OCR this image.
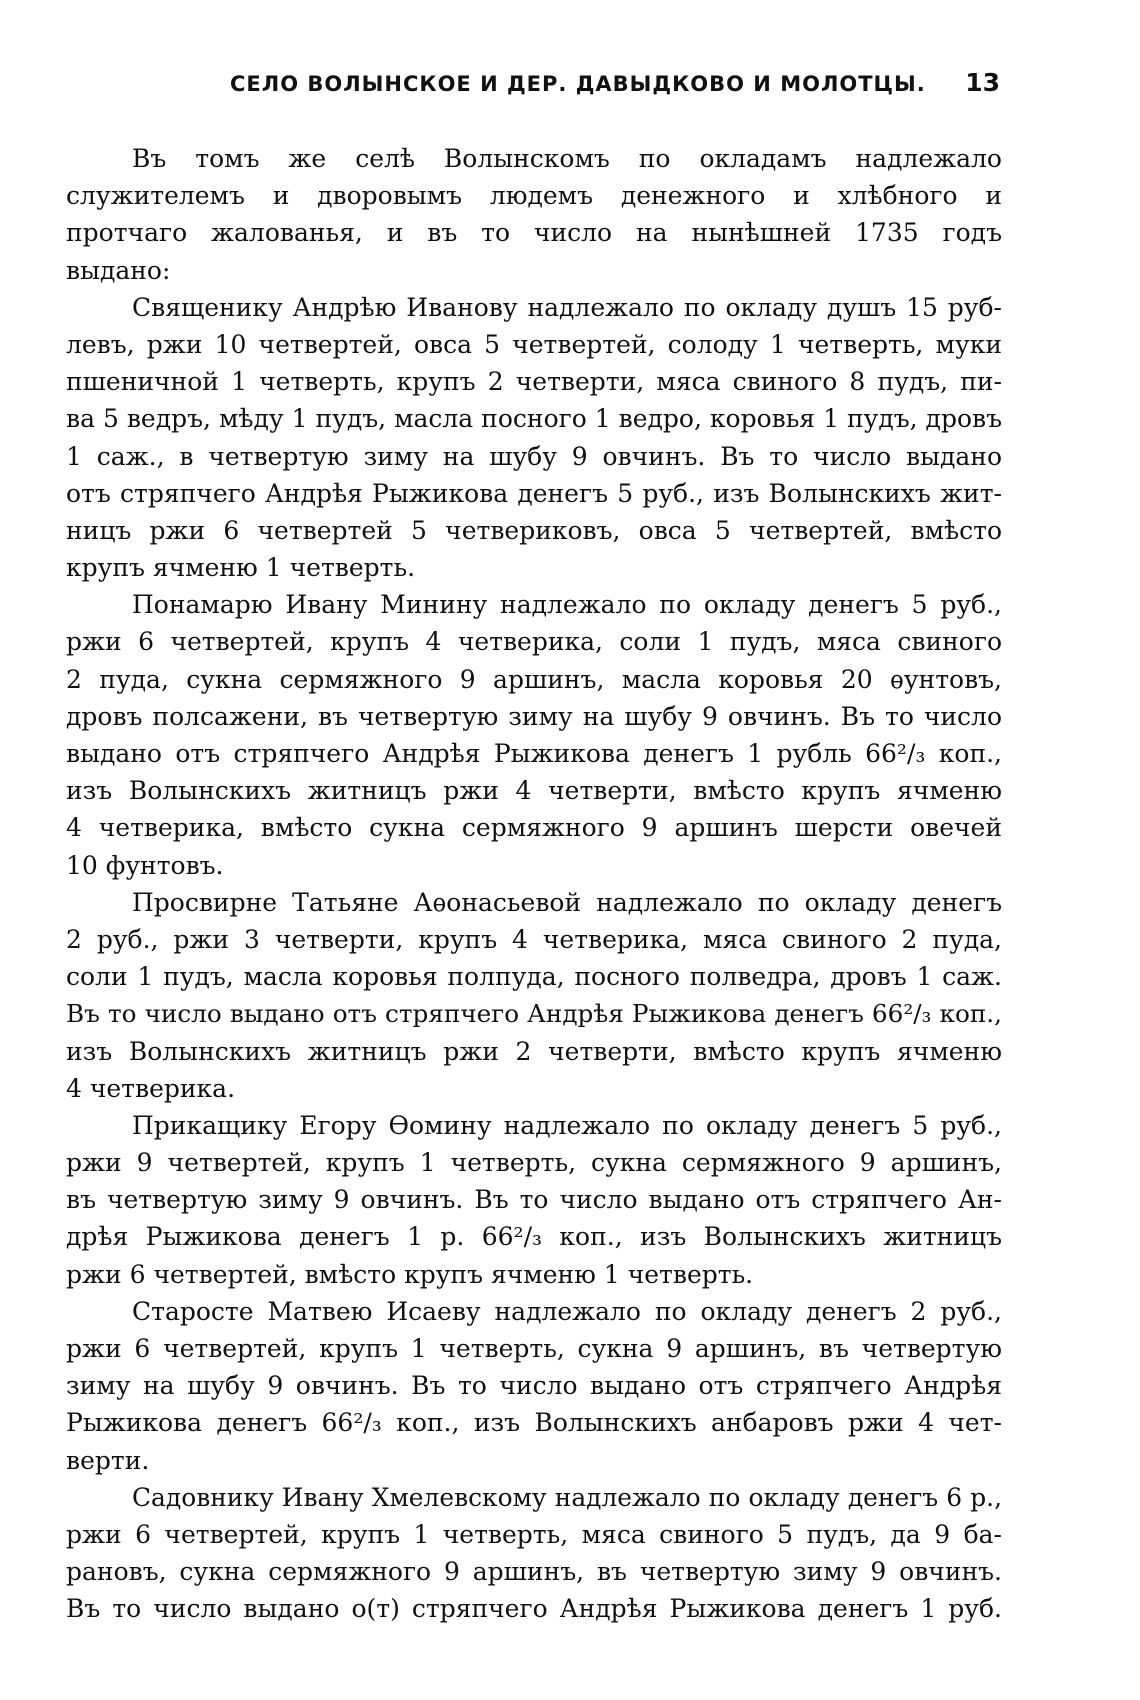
СЕЛО ВОЛЫНСКОЕ И ДЕР. ДАВЫДКОВО И МОЛОТЦЫ.	13
Въ томъ же селѣ Волынскомъ по окладамъ надлежало
служителемъ и дворовымъ людемъ денежного и хлѣбного и
протчаго жалованья, и въ то число на нынѣшней 1735 годъ
выдано:
Священику Андрѣю Иванову надлежало по окладу душъ 15 руб-
левъ, ржи 10 четвертей, овса 5 четвертей, солоду 1 четверть, муки
пшеничной 1 четверть, крупъ 2 четверти, мяса свиного 8 пудъ, пи-
ва 5 ведръ, мѣду 1 пудъ, масла посного 1 ведро, коровья 1 пудъ, дровъ
1 саж., в четвертую зиму на шубу 9 овчинъ. Въ то число выдано
отъ стряпчего Андрѣя Рыжикова денегъ 5 руб., изъ Волынскихъ жит-
ницъ ржи 6 четвертей 5 четвериковъ, овса 5 четвертей, вмѣсто
крупъ ячменю 1 четверть.
Понамарю Ивану Минину надлежало по окладу денегъ 5 руб.,
ржи 6 четвертей, крупъ 4 четверика, соли 1 пудъ, мяса свиного
2 пуда, сукна сермяжного 9 аршинъ, масла коровья 20 ѳунтовъ,
дровъ полсажени, въ четвертую зиму на шубу 9 овчинъ. Въ то число
выдано отъ стряпчего Андрѣя Рыжикова денегъ 1 рубль 66²/₃ коп.,
изъ Волынскихъ житницъ ржи 4 четверти, вмѣсто крупъ ячменю
4 четверика, вмѣсто сукна сермяжного 9 аршинъ шерсти овечей
10 фунтовъ.
Просвирне Татьяне Аѳонасьевой надлежало по окладу денегъ
2 руб., ржи 3 четверти, крупъ 4 четверика, мяса свиного 2 пуда,
соли 1 пудъ, масла коровья полпуда, посного полведра, дровъ 1 саж.
Въ то число выдано отъ стряпчего Андрѣя Рыжикова денегъ 66²/₃ коп.,
изъ Волынскихъ житницъ ржи 2 четверти, вмѣсто крупъ ячменю
4 четверика.
Прикащику Егору Ѳомину надлежало по окладу денегъ 5 руб.,
ржи 9 четвертей, крупъ 1 четверть, сукна сермяжного 9 аршинъ,
въ четвертую зиму 9 овчинъ. Въ то число выдано отъ стряпчего Ан-
дрѣя Рыжикова денегъ 1 р. 66²/₃ коп., изъ Волынскихъ житницъ
ржи 6 четвертей, вмѣсто крупъ ячменю 1 четверть.
Старосте Матвею Исаеву надлежало по окладу денегъ 2 руб.,
ржи 6 четвертей, крупъ 1 четверть, сукна 9 аршинъ, въ четвертую
зиму на шубу 9 овчинъ. Въ то число выдано отъ стряпчего Андрѣя
Рыжикова денегъ 66²/₃ коп., изъ Волынскихъ анбаровъ ржи 4 чет-
верти.
Садовнику Ивану Хмелевскому надлежало по окладу денегъ 6 р.,
ржи 6 четвертей, крупъ 1 четверть, мяса свиного 5 пудъ, да 9 ба-
рановъ, сукна сермяжного 9 аршинъ, въ четвертую зиму 9 овчинъ.
Въ то число выдано о(т) стряпчего Андрѣя Рыжикова денегъ 1 руб.
